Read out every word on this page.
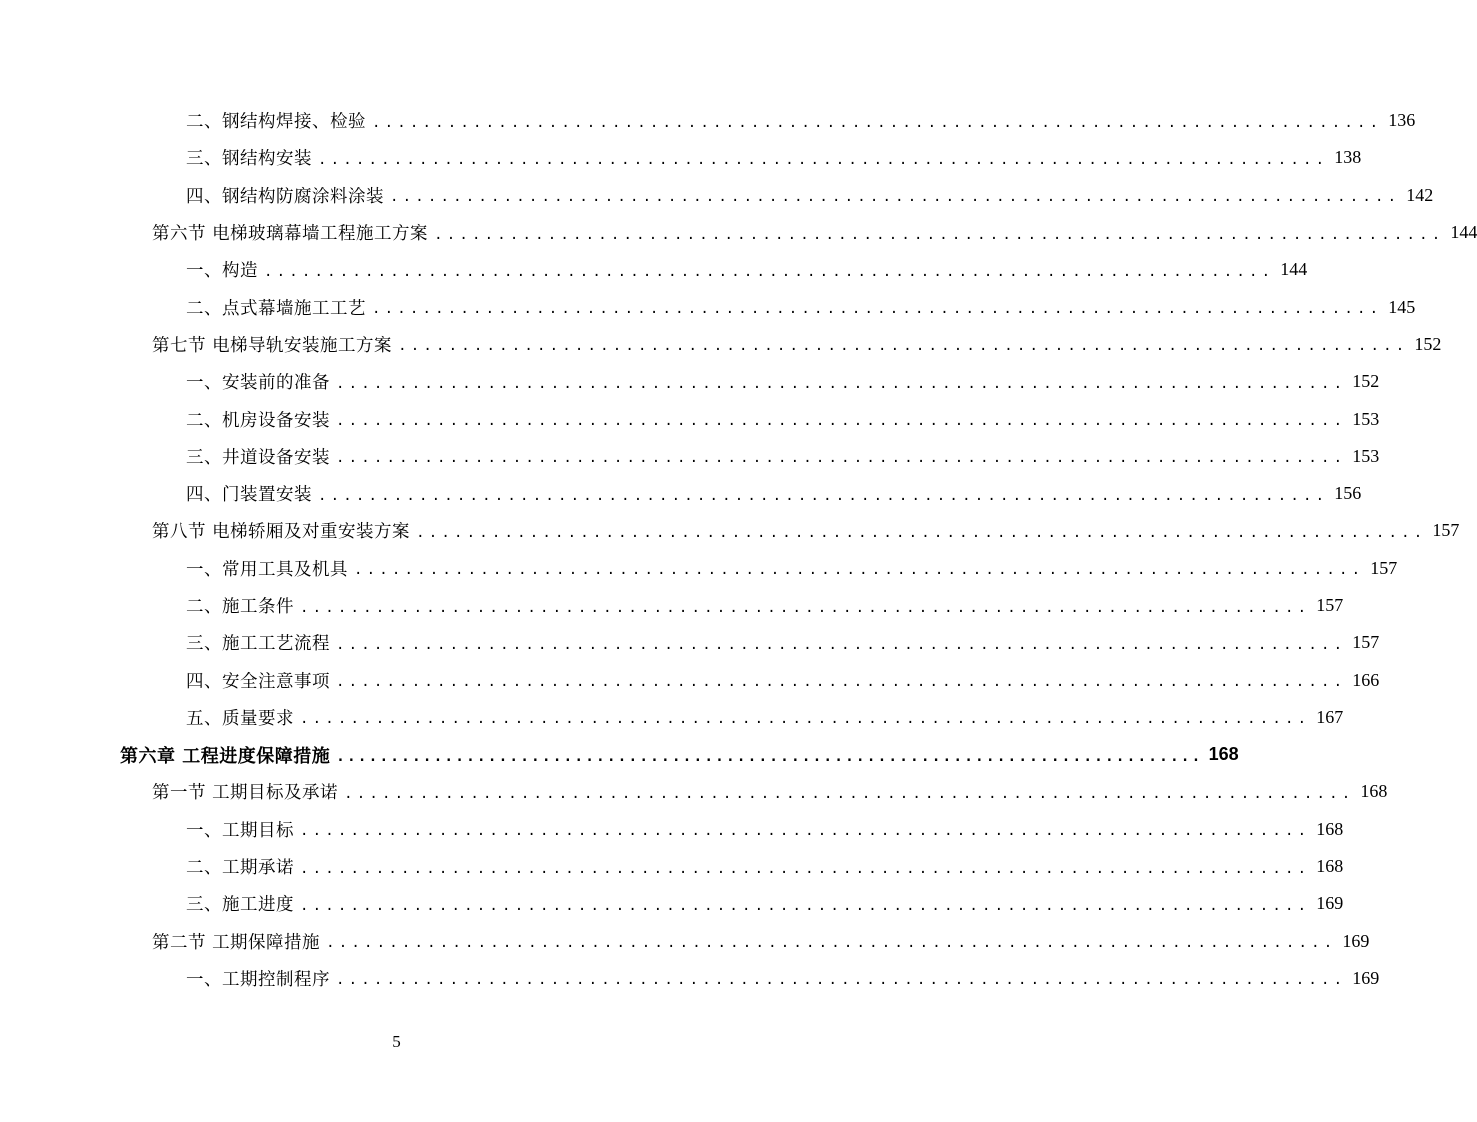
二、钢结构焊接、检验 ................................................................................ 136
三、钢结构安装 ................................................................................ 138
四、钢结构防腐涂料涂装 ................................................................................ 142
第六节 电梯玻璃幕墙工程施工方案 ................................................................................ 144
一、构造 ................................................................................ 144
二、点式幕墙施工工艺 ................................................................................ 145
第七节 电梯导轨安装施工方案 ................................................................................ 152
一、安装前的准备 ................................................................................ 152
二、机房设备安装 ................................................................................ 153
三、井道设备安装 ................................................................................ 153
四、门装置安装 ................................................................................ 156
第八节 电梯轿厢及对重安装方案 ................................................................................ 157
一、常用工具及机具 ................................................................................ 157
二、施工条件 ................................................................................ 157
三、施工工艺流程 ................................................................................ 157
四、安全注意事项 ................................................................................ 166
五、质量要求 ................................................................................ 167
第六章 工程进度保障措施 ................................................................................ 168
第一节 工期目标及承诺 ................................................................................ 168
一、工期目标 ................................................................................ 168
二、工期承诺 ................................................................................ 168
三、施工进度 ................................................................................ 169
第二节 工期保障措施 ................................................................................ 169
一、工期控制程序 ................................................................................ 169
5
